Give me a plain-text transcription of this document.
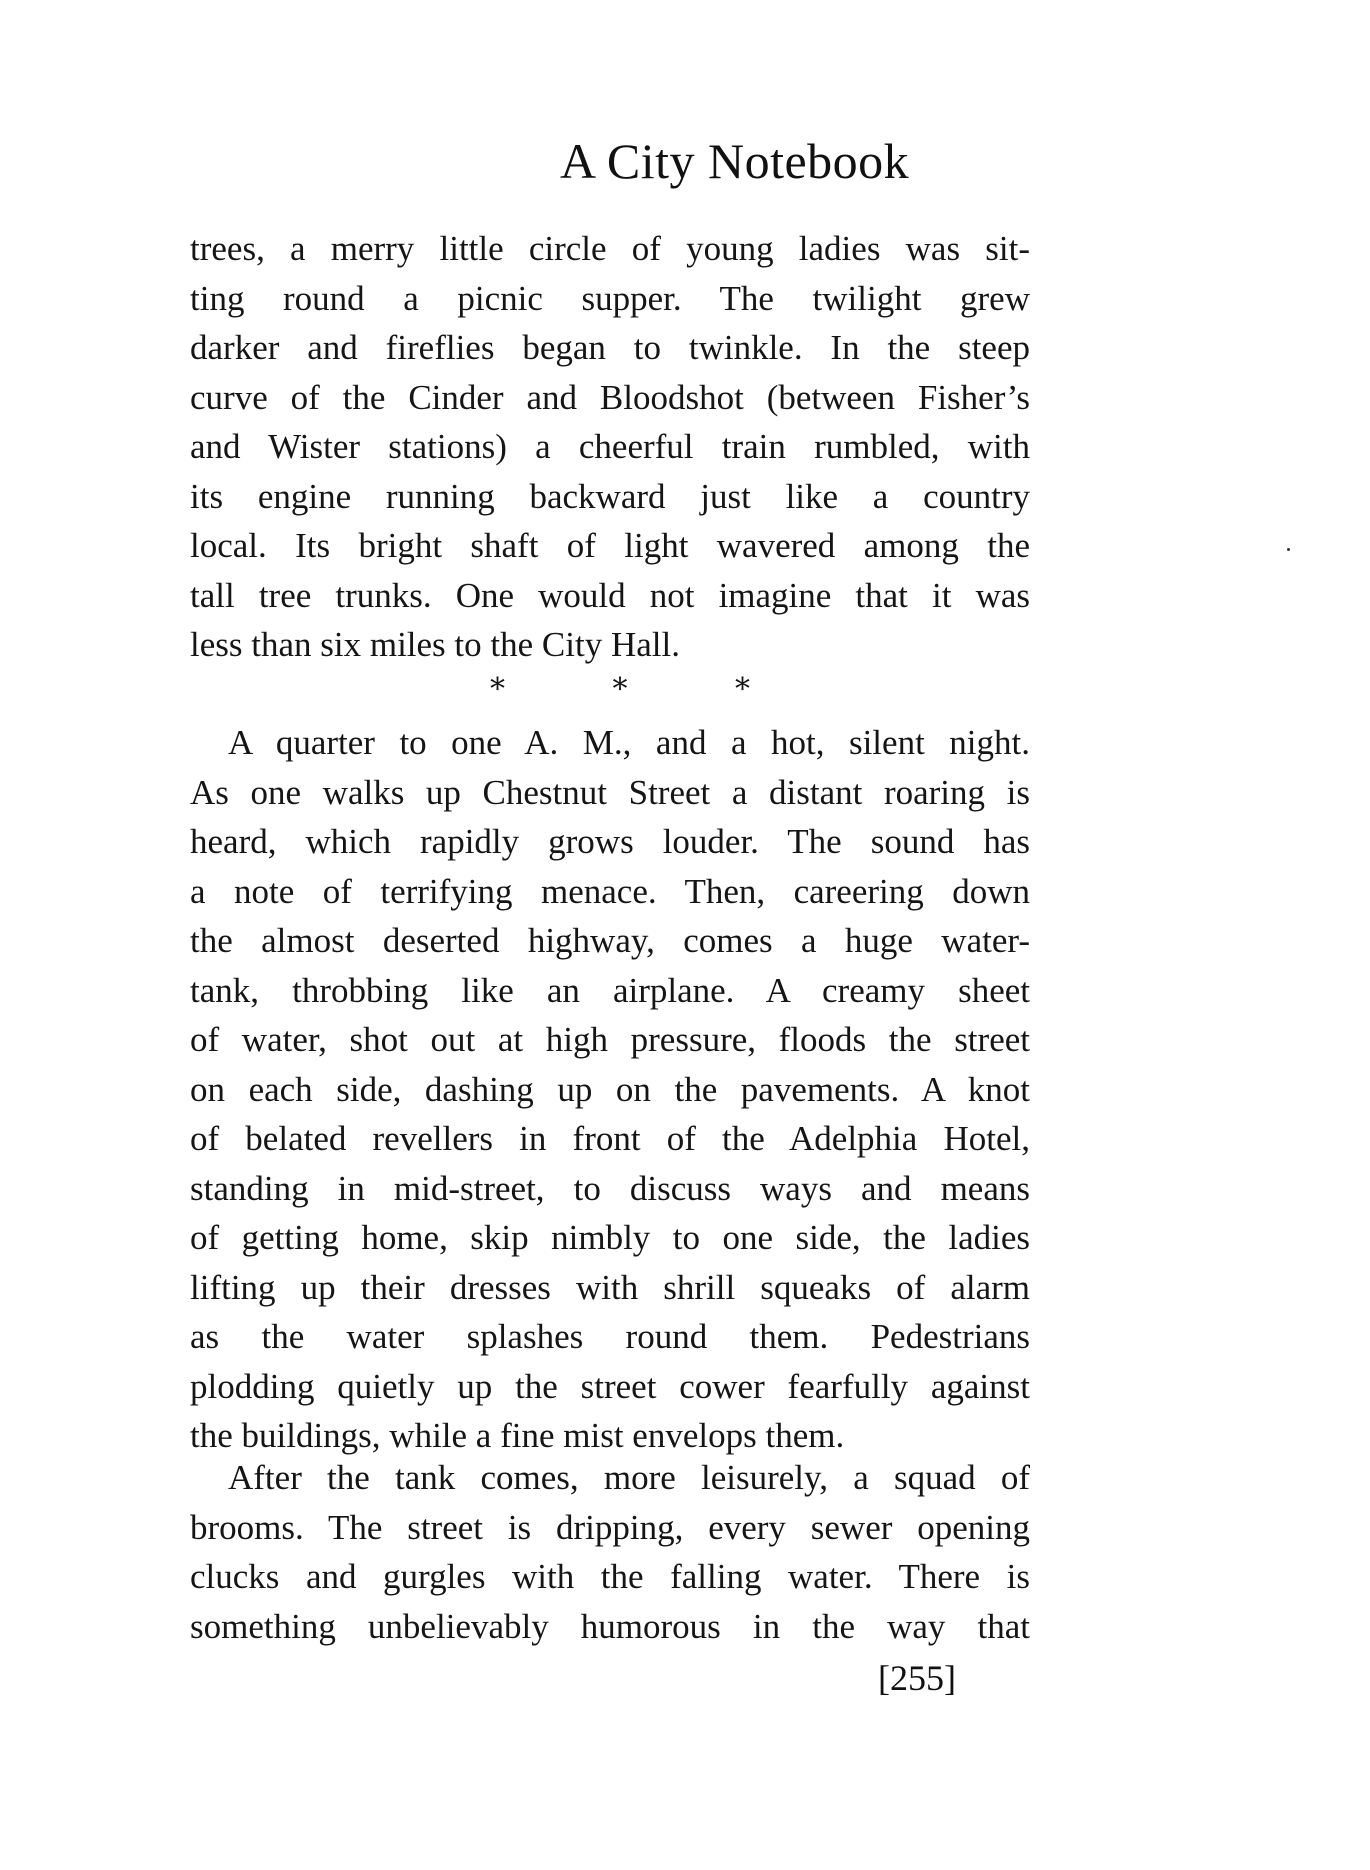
A City Notebook
trees, a merry little circle of young ladies was sit-
ting round a picnic supper. The twilight grew
darker and fireflies began to twinkle. In the steep
curve of the Cinder and Bloodshot (between Fisher’s
and Wister stations) a cheerful train rumbled, with
its engine running backward just like a country
local. Its bright shaft of light wavered among the
tall tree trunks. One would not imagine that it was
less than six miles to the City Hall.
*	*	*
A quarter to one A. M., and a hot, silent night.
As one walks up Chestnut Street a distant roaring is
heard, which rapidly grows louder. The sound has
a note of terrifying menace. Then, careering down
the almost deserted highway, comes a huge water-
tank, throbbing like an airplane. A creamy sheet
of water, shot out at high pressure, floods the street
on each side, dashing up on the pavements. A knot
of belated revellers in front of the Adelphia Hotel,
standing in mid-street, to discuss ways and means
of getting home, skip nimbly to one side, the ladies
lifting up their dresses with shrill squeaks of alarm
as the water splashes round them. Pedestrians
plodding quietly up the street cower fearfully against
the buildings, while a fine mist envelops them.
After the tank comes, more leisurely, a squad of
brooms. The street is dripping, every sewer opening
clucks and gurgles with the falling water. There is
something unbelievably humorous in the way that
[255]
